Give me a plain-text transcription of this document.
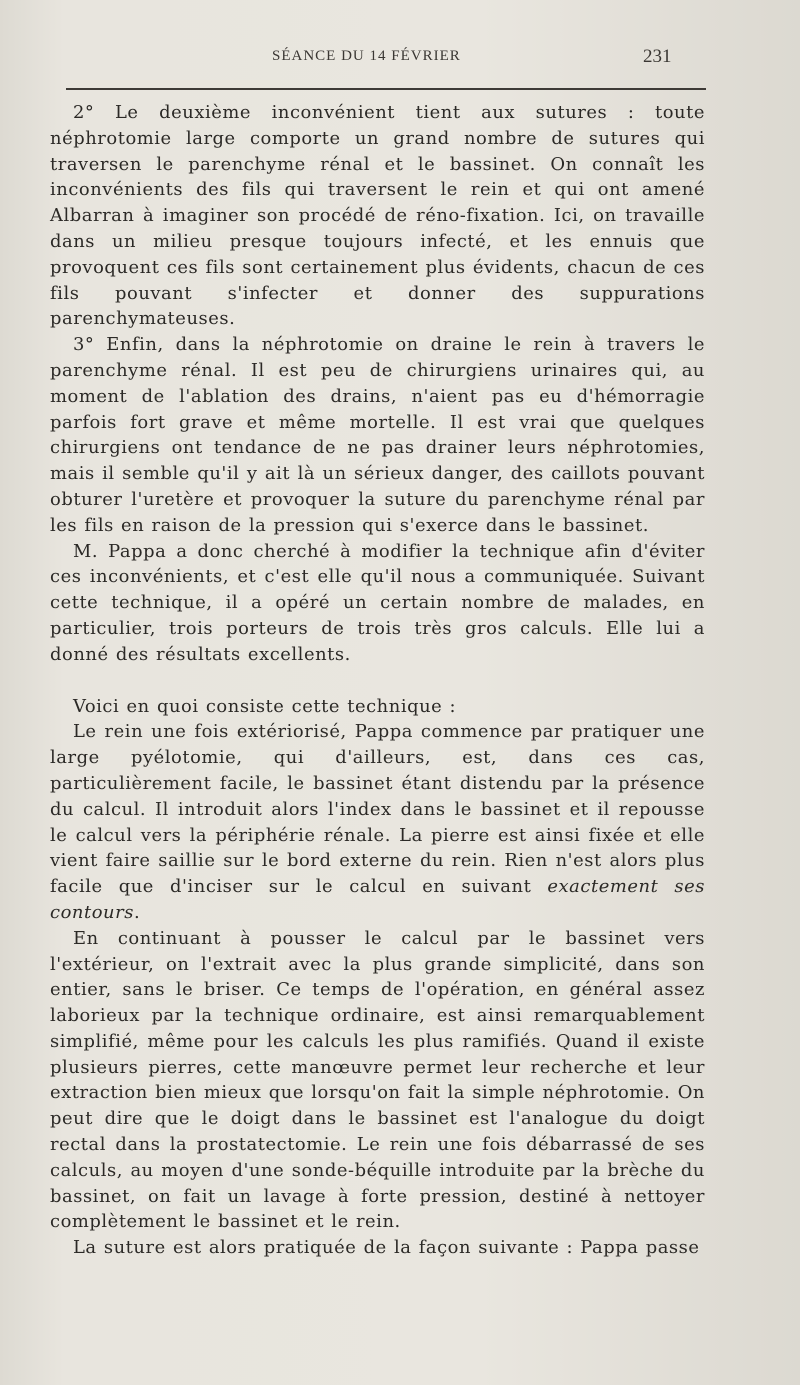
SÉANCE DU 14 FÉVRIER	231

2° Le deuxième inconvénient tient aux sutures : toute néphrotomie large comporte un grand nombre de sutures qui traversen le parenchyme rénal et le bassinet. On connaît les inconvénients des fils qui traversent le rein et qui ont amené Albarran à imaginer son procédé de réno-fixation. Ici, on travaille dans un milieu presque toujours infecté, et les ennuis que provoquent ces fils sont certainement plus évidents, chacun de ces fils pouvant s'infecter et donner des suppurations parenchymateuses.

3° Enfin, dans la néphrotomie on draine le rein à travers le parenchyme rénal. Il est peu de chirurgiens urinaires qui, au moment de l'ablation des drains, n'aient pas eu d'hémorragie parfois fort grave et même mortelle. Il est vrai que quelques chirurgiens ont tendance de ne pas drainer leurs néphrotomies, mais il semble qu'il y ait là un sérieux danger, des caillots pouvant obturer l'uretère et provoquer la suture du parenchyme rénal par les fils en raison de la pression qui s'exerce dans le bassinet.

M. Pappa a donc cherché à modifier la technique afin d'éviter ces inconvénients, et c'est elle qu'il nous a communiquée. Suivant cette technique, il a opéré un certain nombre de malades, en particulier, trois porteurs de trois très gros calculs. Elle lui a donné des résultats excellents.

Voici en quoi consiste cette technique :

Le rein une fois extériorisé, Pappa commence par pratiquer une large pyélotomie, qui d'ailleurs, est, dans ces cas, particulièrement facile, le bassinet étant distendu par la présence du calcul. Il introduit alors l'index dans le bassinet et il repousse le calcul vers la périphérie rénale. La pierre est ainsi fixée et elle vient faire saillie sur le bord externe du rein. Rien n'est alors plus facile que d'inciser sur le calcul en suivant exactement ses contours.

En continuant à pousser le calcul par le bassinet vers l'extérieur, on l'extrait avec la plus grande simplicité, dans son entier, sans le briser. Ce temps de l'opération, en général assez laborieux par la technique ordinaire, est ainsi remarquablement simplifié, même pour les calculs les plus ramifiés. Quand il existe plusieurs pierres, cette manœuvre permet leur recherche et leur extraction bien mieux que lorsqu'on fait la simple néphrotomie. On peut dire que le doigt dans le bassinet est l'analogue du doigt rectal dans la prostatectomie. Le rein une fois débarrassé de ses calculs, au moyen d'une sonde-béquille introduite par la brèche du bassinet, on fait un lavage à forte pression, destiné à nettoyer complètement le bassinet et le rein.

La suture est alors pratiquée de la façon suivante : Pappa passe
